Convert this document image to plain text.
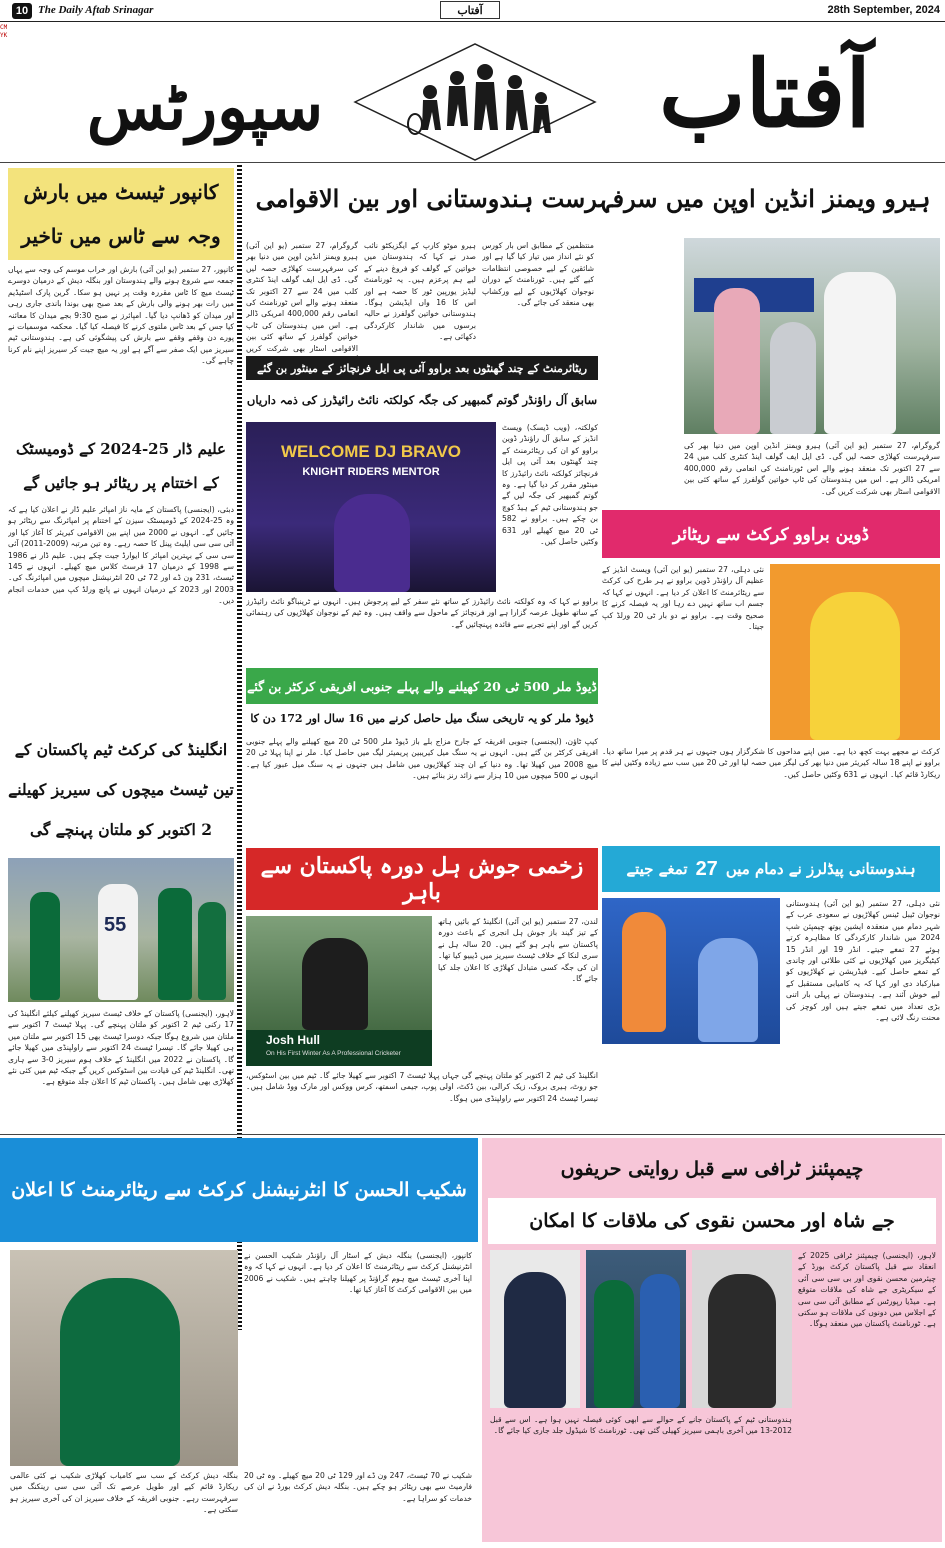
10 The Daily Aftab Srinagar	آفتاب	28th September, 2024
CMYK
آفتاب
سپورٹس
کانپور ٹیسٹ میں بارش
وجہ سے ٹاس میں تاخیر

کانپور، 27 ستمبر (یو این آئی) بارش اور خراب موسم کی وجہ سے یہاں جمعہ سے شروع ہونے والے ہندوستان اور بنگلہ دیش کے درمیان دوسرے ٹیسٹ میچ کا ٹاس مقررہ وقت پر نہیں ہو سکا۔ گرین پارک اسٹیڈیم میں رات بھر ہونے والی بارش کے بعد صبح بھی بوندا باندی جاری رہی اور میدان کو ڈھانپ دیا گیا۔ امپائرز نے صبح 9:30 بجے میدان کا معائنہ کیا جس کے بعد ٹاس ملتوی کرنے کا فیصلہ کیا گیا۔ محکمہ موسمیات نے پورے دن وقفے وقفے سے بارش کی پیشگوئی کی ہے۔ ہندوستانی ٹیم سیریز میں ایک صفر سے آگے ہے اور یہ میچ جیت کر سیریز اپنے نام کرنا چاہے گی۔

علیم ڈار 25-2024 کے ڈومیسٹک
کے اختتام پر ریٹائر ہو جائیں گے

دبئی، (ایجنسی) پاکستان کے مایہ ناز امپائر علیم ڈار نے اعلان کیا ہے کہ وہ 25-2024 کے ڈومیسٹک سیزن کے اختتام پر امپائرنگ سے ریٹائر ہو جائیں گے۔ انہوں نے 2000 میں اپنے بین الاقوامی کیریئر کا آغاز کیا اور آئی سی سی ایلیٹ پینل کا حصہ رہے۔ وہ تین مرتبہ (2009-2011) آئی سی سی کے بہترین امپائر کا ایوارڈ جیت چکے ہیں۔ علیم ڈار نے 1986 سے 1998 کے درمیان 17 فرسٹ کلاس میچ کھیلے۔ انہوں نے 145 ٹیسٹ، 231 ون ڈے اور 72 ٹی 20 انٹرنیشنل میچوں میں امپائرنگ کی۔ 2003 اور 2023 کے درمیان انہوں نے پانچ ورلڈ کپ میں خدمات انجام دیں۔

انگلینڈ کی کرکٹ ٹیم پاکستان کے
تین ٹیسٹ میچوں کی سیریز کھیلنے
2 اکتوبر کو ملتان پہنچے گی
55

لاہور، (ایجنسی) پاکستان کے خلاف ٹیسٹ سیریز کھیلنے کیلئے انگلینڈ کی 17 رکنی ٹیم 2 اکتوبر کو ملتان پہنچے گی۔ پہلا ٹیسٹ 7 اکتوبر سے ملتان میں شروع ہوگا جبکہ دوسرا ٹیسٹ بھی 15 اکتوبر سے ملتان میں ہی کھیلا جائے گا۔ تیسرا ٹیسٹ 24 اکتوبر سے راولپنڈی میں کھیلا جائے گا۔ پاکستان نے 2022 میں انگلینڈ کے خلاف ہوم سیریز 0-3 سے ہاری تھی۔ انگلینڈ ٹیم کی قیادت بین اسٹوکس کریں گے جبکہ ٹیم میں کئی نئے کھلاڑی بھی شامل ہیں۔ پاکستان ٹیم کا اعلان جلد متوقع ہے۔

ہیرو ویمنز انڈین اوپن میں سرفہرست ہندوستانی اور بین الاقوامی

گروگرام، 27 ستمبر (یو این آئی) ہیرو ویمنز انڈین اوپن میں دنیا بھر کی سرفہرست کھلاڑی حصہ لیں گی۔ ڈی ایل ایف گولف اینڈ کنٹری کلب میں 24 سے 27 اکتوبر تک منعقد ہونے والے اس ٹورنامنٹ کی انعامی رقم 400,000 امریکی ڈالر ہے۔ اس میں ہندوستان کی ٹاپ خواتین گولفرز کے ساتھ کئی بین الاقوامی اسٹار بھی شرکت کریں

ہیرو موٹو کارپ کے ایگزیکٹو نائب صدر نے کہا کہ ہندوستان میں خواتین کے گولف کو فروغ دینے کے لیے ہم پرعزم ہیں۔ یہ ٹورنامنٹ لیڈیز یورپین ٹور کا حصہ ہے اور اس کا 16 واں ایڈیشن ہوگا۔ ہندوستانی خواتین گولفرز نے حالیہ برسوں میں شاندار کارکردگی دکھائی ہے۔

منتظمین کے مطابق اس بار کورس کو نئے انداز میں تیار کیا گیا ہے اور شائقین کے لیے خصوصی انتظامات کیے گئے ہیں۔ ٹورنامنٹ کے دوران نوجوان کھلاڑیوں کے لیے ورکشاپ بھی منعقد کی جائے گی۔

گروگرام، 27 ستمبر (یو این آئی) ہیرو ویمنز انڈین اوپن میں دنیا بھر کی سرفہرست کھلاڑی حصہ لیں گی۔ ڈی ایل ایف گولف اینڈ کنٹری کلب میں 24 سے 27 اکتوبر تک منعقد ہونے والے اس ٹورنامنٹ کی انعامی رقم 400,000 امریکی ڈالر ہے۔ اس میں ہندوستان کی ٹاپ خواتین گولفرز کے ساتھ کئی بین الاقوامی اسٹار بھی شرکت کریں گی۔

ریٹائرمنٹ کے چند گھنٹوں بعد براوو آئی پی ایل فرنچائز کے مینٹور بن گئے
سابق آل راؤنڈر گوتم گمبھیر کی جگہ کولکتہ نائٹ رائیڈرز کی ذمہ داریاں
WELCOME DJ BRAVO
KNIGHT RIDERS MENTOR

کولکتہ، (ویب ڈیسک) ویسٹ انڈیز کے سابق آل راؤنڈر ڈوین براوو کو ان کی ریٹائرمنٹ کے چند گھنٹوں بعد آئی پی ایل فرنچائز کولکتہ نائٹ رائیڈرز کا مینٹور مقرر کر دیا گیا ہے۔ وہ گوتم گمبھیر کی جگہ لیں گے جو ہندوستانی ٹیم کے ہیڈ کوچ بن چکے ہیں۔ براوو نے 582 ٹی 20 میچ کھیلے اور 631 وکٹیں حاصل کیں۔

براوو نے کہا کہ وہ کولکتہ نائٹ رائیڈرز کے ساتھ نئے سفر کے لیے پرجوش ہیں۔ انہوں نے ٹرینباگو نائٹ رائیڈرز کے ساتھ طویل عرصہ گزارا ہے اور فرنچائز کے ماحول سے واقف ہیں۔ وہ ٹیم کے نوجوان کھلاڑیوں کی رہنمائی کریں گے اور اپنے تجربے سے فائدہ پہنچائیں گے۔

ڈوین براوو کرکٹ سے ریٹائر

نئی دہلی، 27 ستمبر (یو این آئی) ویسٹ انڈیز کے عظیم آل راؤنڈر ڈوین براوو نے ہر طرح کی کرکٹ سے ریٹائرمنٹ کا اعلان کر دیا ہے۔ انہوں نے کہا کہ جسم اب ساتھ نہیں دے رہا اور یہ فیصلہ کرنے کا صحیح وقت ہے۔ براوو نے دو بار ٹی 20 ورلڈ کپ جیتا۔

کرکٹ نے مجھے بہت کچھ دیا ہے۔ میں اپنے مداحوں کا شکرگزار ہوں جنہوں نے ہر قدم پر میرا ساتھ دیا۔ براوو نے اپنے 18 سالہ کیریئر میں دنیا بھر کی لیگز میں حصہ لیا اور ٹی 20 میں سب سے زیادہ وکٹیں لینے کا ریکارڈ قائم کیا۔ انہوں نے 631 وکٹیں حاصل کیں۔

ڈیوڈ ملر 500 ٹی 20 کھیلنے والے پہلے جنوبی افریقی کرکٹر بن گئے
ڈیوڈ ملر کو یہ تاریخی سنگ میل حاصل کرنے میں 16 سال اور 172 دن کا

کیپ ٹاؤن، (ایجنسی) جنوبی افریقہ کے جارح مزاج بلے باز ڈیوڈ ملر 500 ٹی 20 میچ کھیلنے والے پہلے جنوبی افریقی کرکٹر بن گئے ہیں۔ انہوں نے یہ سنگ میل کیریبین پریمیئر لیگ میں حاصل کیا۔ ملر نے اپنا پہلا ٹی 20 میچ 2008 میں کھیلا تھا۔ وہ دنیا کے ان چند کھلاڑیوں میں شامل ہیں جنہوں نے یہ سنگ میل عبور کیا ہے۔ انہوں نے 500 میچوں میں 10 ہزار سے زائد رنز بنائے ہیں۔

زخمی جوش ہل دورہ پاکستان سے باہر
Josh Hull
On His First Winter As A Professional Cricketer

لندن، 27 ستمبر (یو این آئی) انگلینڈ کے بائیں ہاتھ کے تیز گیند باز جوش ہل انجری کے باعث دورہ پاکستان سے باہر ہو گئے ہیں۔ 20 سالہ ہل نے سری لنکا کے خلاف ٹیسٹ سیریز میں ڈیبیو کیا تھا۔ ان کی جگہ کسی متبادل کھلاڑی کا اعلان جلد کیا جائے گا۔

انگلینڈ کی ٹیم 2 اکتوبر کو ملتان پہنچے گی جہاں پہلا ٹیسٹ 7 اکتوبر سے کھیلا جائے گا۔ ٹیم میں بین اسٹوکس، جو روٹ، ہیری بروک، زیک کرالی، بین ڈکٹ، اولی پوپ، جیمی اسمتھ، کرس ووکس اور مارک ووڈ شامل ہیں۔ تیسرا ٹیسٹ 24 اکتوبر سے راولپنڈی میں ہوگا۔

ہندوستانی پیڈلرز نے دمام میں
27
تمغے جیتے

نئی دہلی، 27 ستمبر (یو این آئی) ہندوستانی نوجوان ٹیبل ٹینس کھلاڑیوں نے سعودی عرب کے شہر دمام میں منعقدہ ایشین یوتھ چیمپئن شپ 2024 میں شاندار کارکردگی کا مظاہرہ کرتے ہوئے 27 تمغے جیتے۔ انڈر 19 اور انڈر 15 کیٹیگریز میں کھلاڑیوں نے کئی طلائی اور چاندی کے تمغے حاصل کیے۔ فیڈریشن نے کھلاڑیوں کو مبارکباد دی اور کہا کہ یہ کامیابی مستقبل کے لیے خوش آئند ہے۔ ہندوستان نے پہلی بار اتنی بڑی تعداد میں تمغے جیتے ہیں اور کوچز کی محنت رنگ لائی ہے۔

شکیب الحسن کا انٹرنیشنل کرکٹ سے ریٹائرمنٹ کا اعلان

کانپور، (ایجنسی) بنگلہ دیش کے اسٹار آل راؤنڈر شکیب الحسن نے انٹرنیشنل کرکٹ سے ریٹائرمنٹ کا اعلان کر دیا ہے۔ انہوں نے کہا کہ وہ اپنا آخری ٹیسٹ میچ ہوم گراؤنڈ پر کھیلنا چاہتے ہیں۔ شکیب نے 2006 میں بین الاقوامی کرکٹ کا آغاز کیا تھا۔

شکیب نے 70 ٹیسٹ، 247 ون ڈے اور 129 ٹی 20 میچ کھیلے۔ وہ ٹی 20 فارمیٹ سے بھی ریٹائر ہو چکے ہیں۔ بنگلہ دیش کرکٹ بورڈ نے ان کی خدمات کو سراہا ہے۔

بنگلہ دیش کرکٹ کے سب سے کامیاب کھلاڑی شکیب نے کئی عالمی ریکارڈ قائم کیے اور طویل عرصے تک آئی سی سی رینکنگ میں سرفہرست رہے۔ جنوبی افریقہ کے خلاف سیریز ان کی آخری سیریز ہو سکتی ہے۔

چیمپئنز ٹرافی سے قبل روایتی حریفوں
جے شاہ اور محسن نقوی کی ملاقات کا امکان

لاہور، (ایجنسی) چیمپئنز ٹرافی 2025 کے انعقاد سے قبل پاکستان کرکٹ بورڈ کے چیئرمین محسن نقوی اور بی سی سی آئی کے سیکریٹری جے شاہ کی ملاقات متوقع ہے۔ میڈیا رپورٹس کے مطابق آئی سی سی کے اجلاس میں دونوں کی ملاقات ہو سکتی ہے۔ ٹورنامنٹ پاکستان میں منعقد ہوگا۔

ہندوستانی ٹیم کے پاکستان جانے کے حوالے سے ابھی کوئی فیصلہ نہیں ہوا ہے۔ اس سے قبل 2012-13 میں آخری باہمی سیریز کھیلی گئی تھی۔ ٹورنامنٹ کا شیڈول جلد جاری کیا جائے گا۔
